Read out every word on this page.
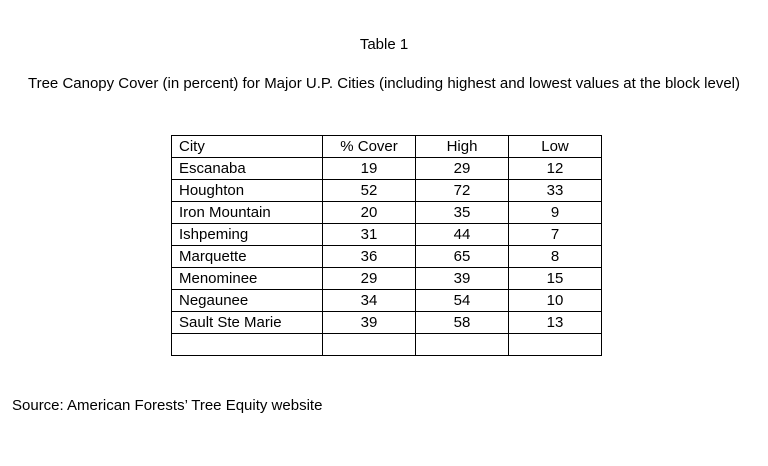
Table 1
Tree Canopy Cover (in percent) for Major U.P. Cities (including highest and lowest values at the block level)
City	% Cover	High	Low
Escanaba	19	29	12
Houghton	52	72	33
Iron Mountain	20	35	9
Ishpeming	31	44	7
Marquette	36	65	8
Menominee	29	39	15
Negaunee	34	54	10
Sault Ste Marie	39	58	13

Source: American Forests’ Tree Equity website
